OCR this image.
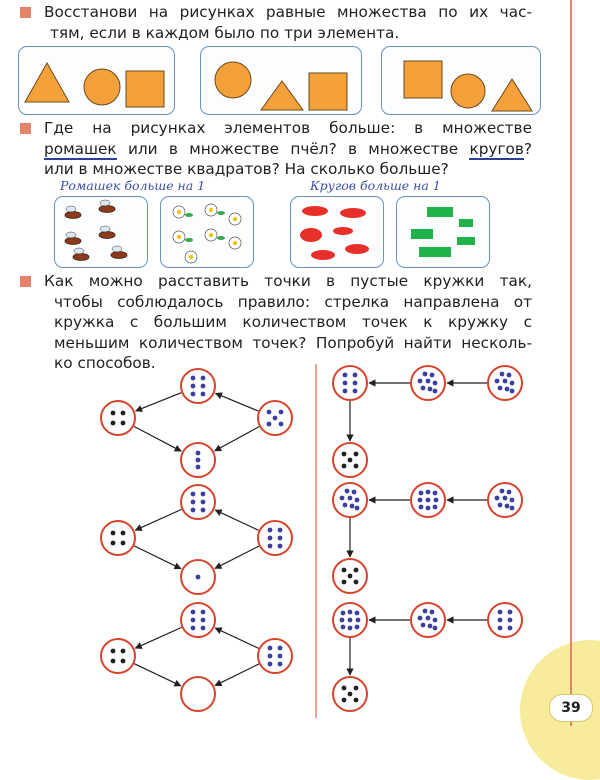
Восстанови на рисунках равные множества по их час-

тям, если в каждом было по три элемента.

Где на рисунках элементов больше: в множестве

ромашек или в множестве пчёл? в множестве кругов?

или в множестве квадратов? На сколько больше?

Ромашек больше на 1	Кругов больше на 1

Как можно расставить точки в пустые кружки так,

чтобы соблюдалось правило: стрелка направлена от

кружка с большим количеством точек к кружку с

меньшим количеством точек? Попробуй найти несколь-

ко способов.

39
